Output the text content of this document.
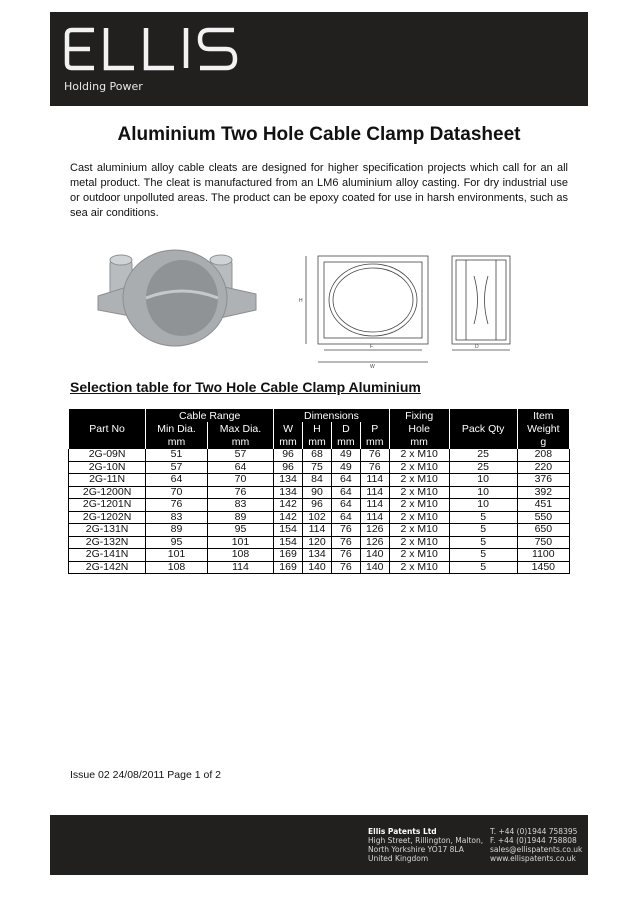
Holding Power
Aluminium Two Hole Cable Clamp Datasheet
Cast aluminium alloy cable cleats are designed for higher specification projects which call for an all metal product. The cleat is manufactured from an LM6 aluminium alloy casting. For dry industrial use or outdoor unpolluted areas. The product can be epoxy coated for use in harsh environments, such as sea air conditions.
H
F
W
D
Selection table for Two Hole Cable Clamp Aluminium
	Cable Range		Dimensions				Fixing		Item
Part No	Min Dia.	Max Dia.	W	H	D	P	Hole	Pack Qty	Weight
	mm	mm	mm	mm	mm	mm	mm		g
2G-09N	51	57	96	68	49	76	2 x M10	25	208
2G-10N	57	64	96	75	49	76	2 x M10	25	220
2G-11N	64	70	134	84	64	114	2 x M10	10	376
2G-1200N	70	76	134	90	64	114	2 x M10	10	392
2G-1201N	76	83	142	96	64	114	2 x M10	10	451
2G-1202N	83	89	142	102	64	114	2 x M10	5	550
2G-131N	89	95	154	114	76	126	2 x M10	5	650
2G-132N	95	101	154	120	76	126	2 x M10	5	750
2G-141N	101	108	169	134	76	140	2 x M10	5	1100
2G-142N	108	114	169	140	76	140	2 x M10	5	1450
Issue 02 24/08/2011 Page 1 of 2
Ellis Patents Ltd
High Street, Rillington, Malton,
North Yorkshire YO17 8LA
United Kingdom
T. +44 (0)1944 758395
F. +44 (0)1944 758808
sales@ellispatents.co.uk
www.ellispatents.co.uk
